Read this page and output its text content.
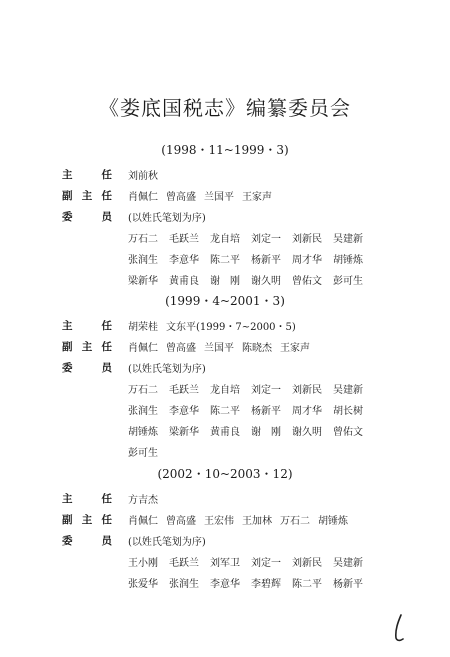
《娄底国税志》编纂委员会
(1998・11~1999・3)
主	任 刘前秋
副 主 任 肖佩仁 曾高盛 兰国平 王家声
委	员 (以姓氏笔划为序)
万石二 毛跃兰 龙自培 刘定一 刘新民 吴建新
张润生 李意华 陈二平 杨新平 周才华 胡锤炼
梁新华 黄甫良 谢　刚 谢久明 曾佑文 彭可生
(1999・4~2001・3)
主	任 胡荣桂 文东平(1999・7~2000・5)
副 主 任 肖佩仁 曾高盛 兰国平 陈晓杰 王家声
委	员 (以姓氏笔划为序)
万石二 毛跃兰 龙自培 刘定一 刘新民 吴建新
张润生 李意华 陈二平 杨新平 周才华 胡长树
胡锤炼 梁新华 黄甫良 谢　刚 谢久明 曾佑文
彭可生
(2002・10~2003・12)
主	任 方吉杰
副 主 任 肖佩仁 曾高盛 王宏伟 王加林 万石二 胡锤炼
委	员 (以姓氏笔划为序)
王小刚 毛跃兰 刘军卫 刘定一 刘新民 吴建新
张爱华 张润生 李意华 李碧辉 陈二平 杨新平
